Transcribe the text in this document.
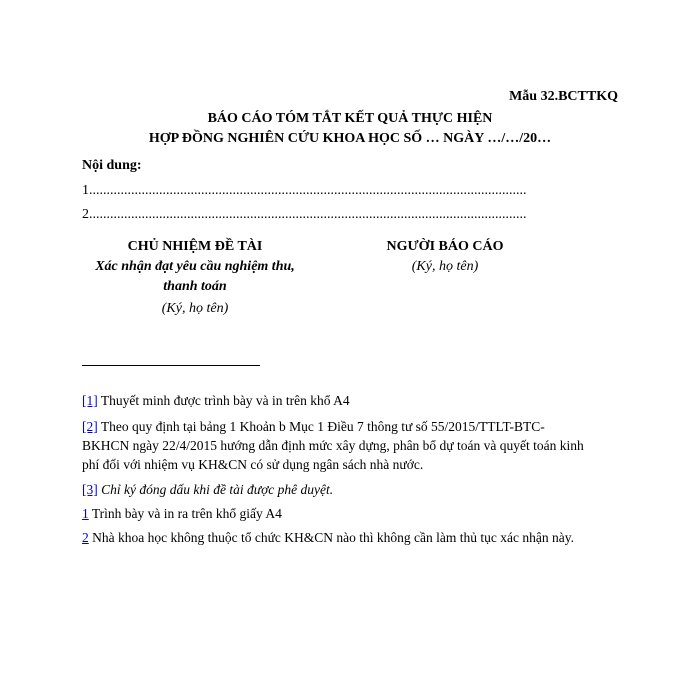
Mẫu 32.BCTTKQ
BÁO CÁO TÓM TẮT KẾT QUẢ THỰC HIỆN
HỢP ĐỒNG NGHIÊN CỨU KHOA HỌC SỐ … NGÀY …/…/20…
Nội dung:
1.............................................................................................................................
2.............................................................................................................................
CHỦ NHIỆM ĐỀ TÀI
Xác nhận đạt yêu cầu nghiệm thu, thanh toán
(Ký, họ tên)
NGƯỜI BÁO CÁO
(Ký, họ tên)
[1] Thuyết minh được trình bày và in trên khổ A4
[2] Theo quy định tại bảng 1 Khoản b Mục 1 Điều 7 thông tư số 55/2015/TTLT-BTC-BKHCN ngày 22/4/2015 hướng dẫn định mức xây dựng, phân bổ dự toán và quyết toán kinh phí đối với nhiệm vụ KH&CN có sử dụng ngân sách nhà nước.
[3] Chỉ ký đóng dấu khi đề tài được phê duyệt.
1 Trình bày và in ra trên khổ giấy A4
2 Nhà khoa học không thuộc tổ chức KH&CN nào thì không cần làm thủ tục xác nhận này.
